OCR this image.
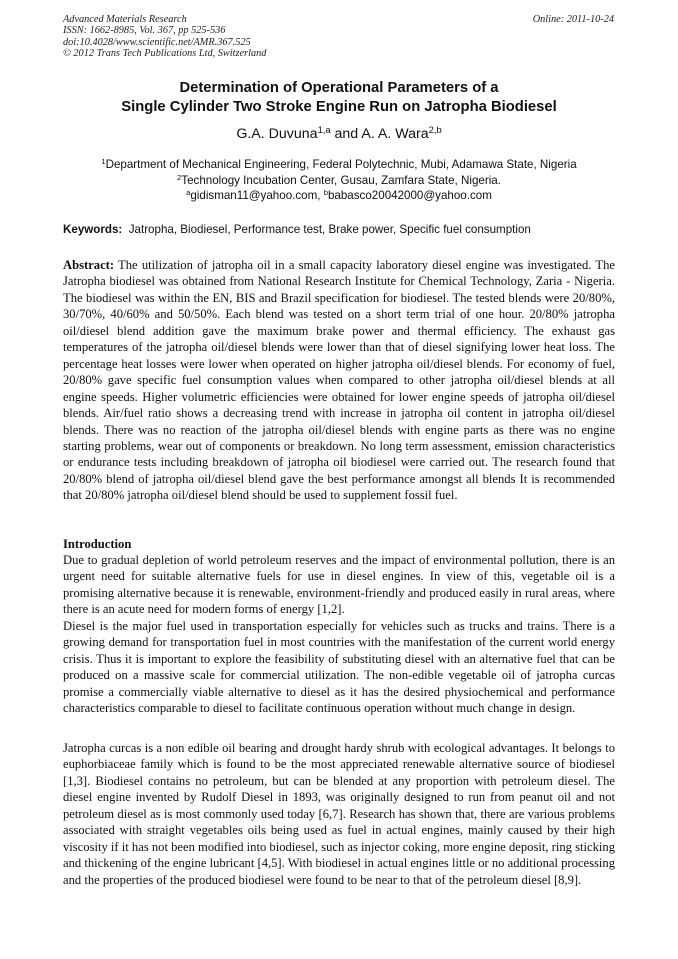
Advanced Materials Research
ISSN: 1662-8985, Vol. 367, pp 525-536
doi:10.4028/www.scientific.net/AMR.367.525
© 2012 Trans Tech Publications Ltd, Switzerland
Online: 2011-10-24
Determination of Operational Parameters of a
Single Cylinder Two Stroke Engine Run on Jatropha Biodiesel
G.A. Duvuna$^{1,a}$ and A. A. Wara$^{2,b}$
$^1$Department of Mechanical Engineering, Federal Polytechnic, Mubi, Adamawa State, Nigeria
$^2$Technology Incubation Center, Gusau, Zamfara State, Nigeria.
$^a$gidisman11@yahoo.com, $^b$babasco20042000@yahoo.com
Keywords:  Jatropha, Biodiesel, Performance test, Brake power, Specific fuel consumption
Abstract: The utilization of jatropha oil in a small capacity laboratory diesel engine was investigated. The Jatropha biodiesel was obtained from National Research Institute for Chemical Technology, Zaria - Nigeria. The biodiesel was within the EN, BIS and Brazil specification for biodiesel. The tested blends were 20/80%, 30/70%, 40/60% and 50/50%. Each blend was tested on a short term trial of one hour. 20/80% jatropha oil/diesel blend addition gave the maximum brake power and thermal efficiency. The exhaust gas temperatures of the jatropha oil/diesel blends were lower than that of diesel signifying lower heat loss. The percentage heat losses were lower when operated on higher jatropha oil/diesel blends. For economy of fuel, 20/80% gave specific fuel consumption values when compared to other jatropha oil/diesel blends at all engine speeds. Higher volumetric efficiencies were obtained for lower engine speeds of jatropha oil/diesel blends. Air/fuel ratio shows a decreasing trend with increase in jatropha oil content in jatropha oil/diesel blends. There was no reaction of the jatropha oil/diesel blends with engine parts as there was no engine starting problems, wear out of components or breakdown. No long term assessment, emission characteristics or endurance tests including breakdown of jatropha oil biodiesel were carried out. The research found that 20/80% blend of jatropha oil/diesel blend gave the best performance amongst all blends It is recommended that 20/80% jatropha oil/diesel blend should be used to supplement fossil fuel.
Introduction

Due to gradual depletion of world petroleum reserves and the impact of environmental pollution, there is an urgent need for suitable alternative fuels for use in diesel engines. In view of this, vegetable oil is a promising alternative because it is renewable, environment-friendly and produced easily in rural areas, where there is an acute need for modern forms of energy [1,2].

Diesel is the major fuel used in transportation especially for vehicles such as trucks and trains. There is a growing demand for transportation fuel in most countries with the manifestation of the current world energy crisis. Thus it is important to explore the feasibility of substituting diesel with an alternative fuel that can be produced on a massive scale for commercial utilization. The non-edible vegetable oil of jatropha curcas promise a commercially viable alternative to diesel as it has the desired physiochemical and performance characteristics comparable to diesel to facilitate continuous operation without much change in design.

Jatropha curcas is a non edible oil bearing and drought hardy shrub with ecological advantages. It belongs to euphorbiaceae family which is found to be the most appreciated renewable alternative source of biodiesel [1,3]. Biodiesel contains no petroleum, but can be blended at any proportion with petroleum diesel. The diesel engine invented by Rudolf Diesel in 1893, was originally designed to run from peanut oil and not petroleum diesel as is most commonly used today [6,7]. Research has shown that, there are various problems associated with straight vegetables oils being used as fuel in actual engines, mainly caused by their high viscosity if it has not been modified into biodiesel, such as injector coking, more engine deposit, ring sticking and thickening of the engine lubricant [4,5]. With biodiesel in actual engines little or no additional processing and the properties of the produced biodiesel were found to be near to that of the petroleum diesel [8,9].
